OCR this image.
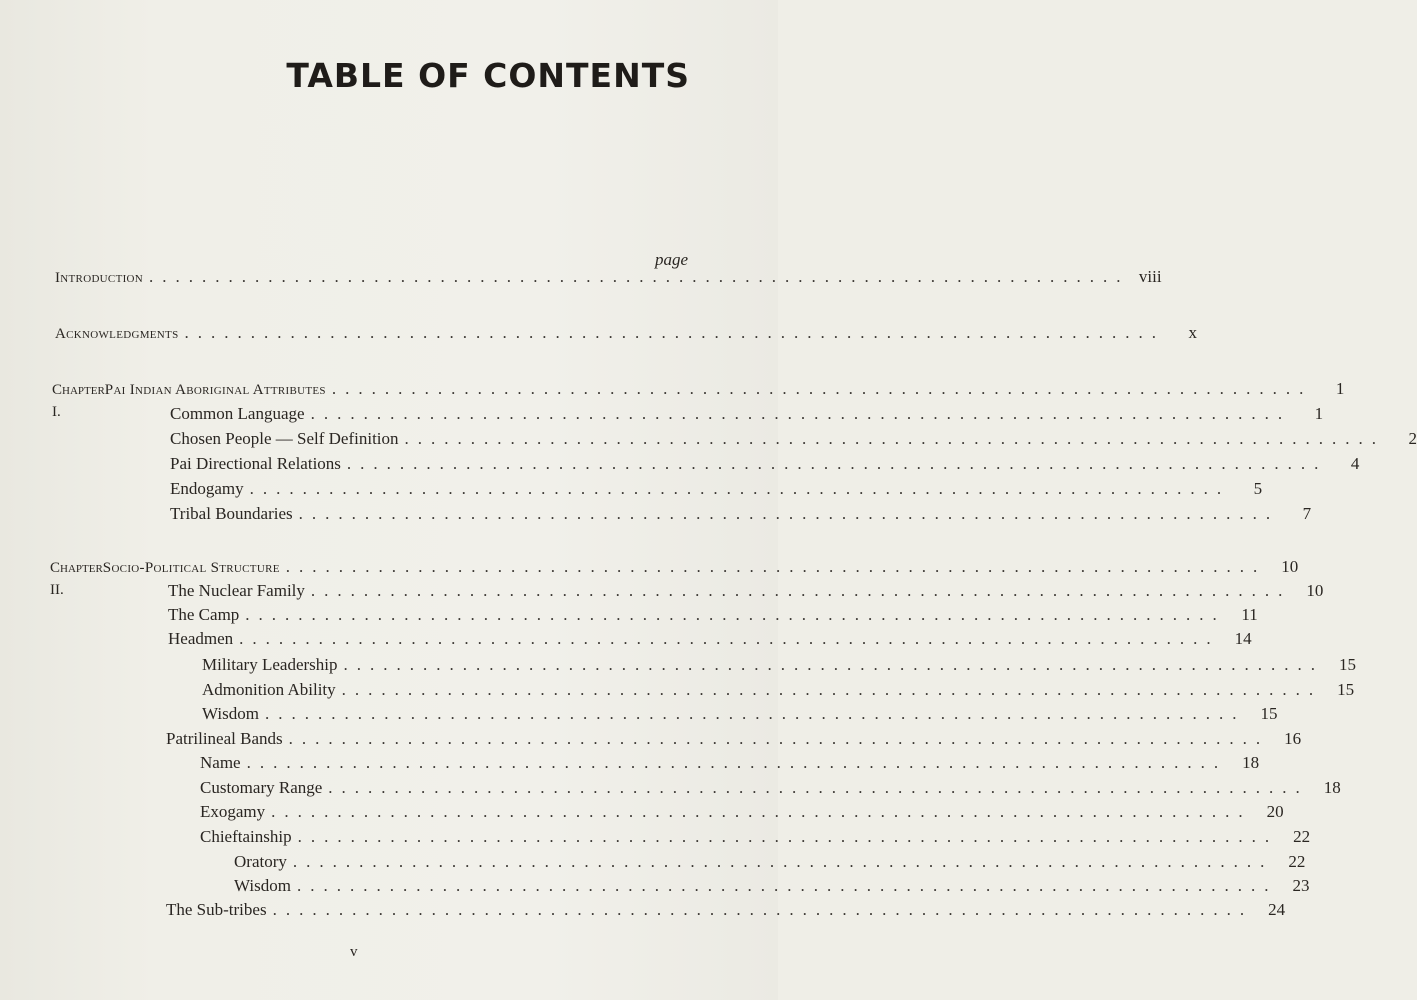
TABLE OF CONTENTS
page
Introduction .......................................................................... viii
Acknowledgments ..........................................................................	x
Chapter I.
Pai Indian Aboriginal Attributes ..........................................................................	1
Common Language ..........................................................................	1
Chosen People — Self Definition ..........................................................................	2
Pai Directional Relations ..........................................................................	4
Endogamy ..........................................................................	5
Tribal Boundaries ..........................................................................	7
Chapter II.
Socio-Political Structure .......................................................................... 10
The Nuclear Family .......................................................................... 10
The Camp .......................................................................... 11
Headmen .......................................................................... 14
Military Leadership .......................................................................... 15
Admonition Ability .......................................................................... 15
Wisdom .......................................................................... 15
Patrilineal Bands .......................................................................... 16
Name .......................................................................... 18
Customary Range .......................................................................... 18
Exogamy .......................................................................... 20
Chieftainship .......................................................................... 22
Oratory .......................................................................... 22
Wisdom .......................................................................... 23
The Sub-tribes .......................................................................... 24
v
